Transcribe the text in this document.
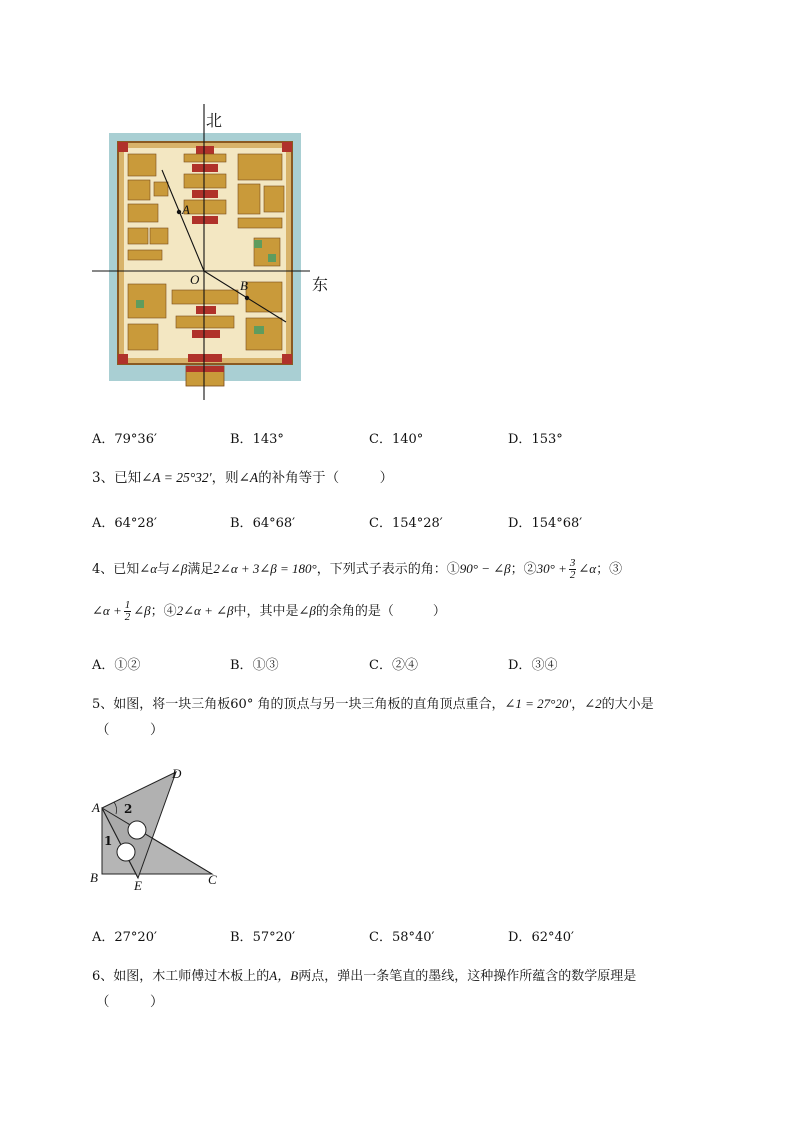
北
东
A
B
O
A．79°36′	B．143°	C．140°	D．153°
3、已知∠A = 25°32′，则∠A的补角等于（　　　）
A．64°28′	B．64°68′	C．154°28′	D．154°68′
4、已知∠α与∠β满足2∠α + 3∠β = 180°，下列式子表示的角：①90° − ∠β；②30° + $\frac{3}{2}$ ∠α；③
∠α + $\frac{1}{2}$ ∠β；④2∠α + ∠β中，其中是∠β的余角的是（　　　）
A．①②	B．①③	C．②④	D．③④
5、如图，将一块三角板60° 角的顶点与另一块三角板的直角顶点重合，∠1 = 27°20′，∠2的大小是
（　　　）
D
A 2
1
B
E	C
A．27°20′	B．57°20′	C．58°40′	D．62°40′
6、如图，木工师傅过木板上的A，B两点，弹出一条笔直的墨线，这种操作所蕴含的数学原理是
（　　　）
